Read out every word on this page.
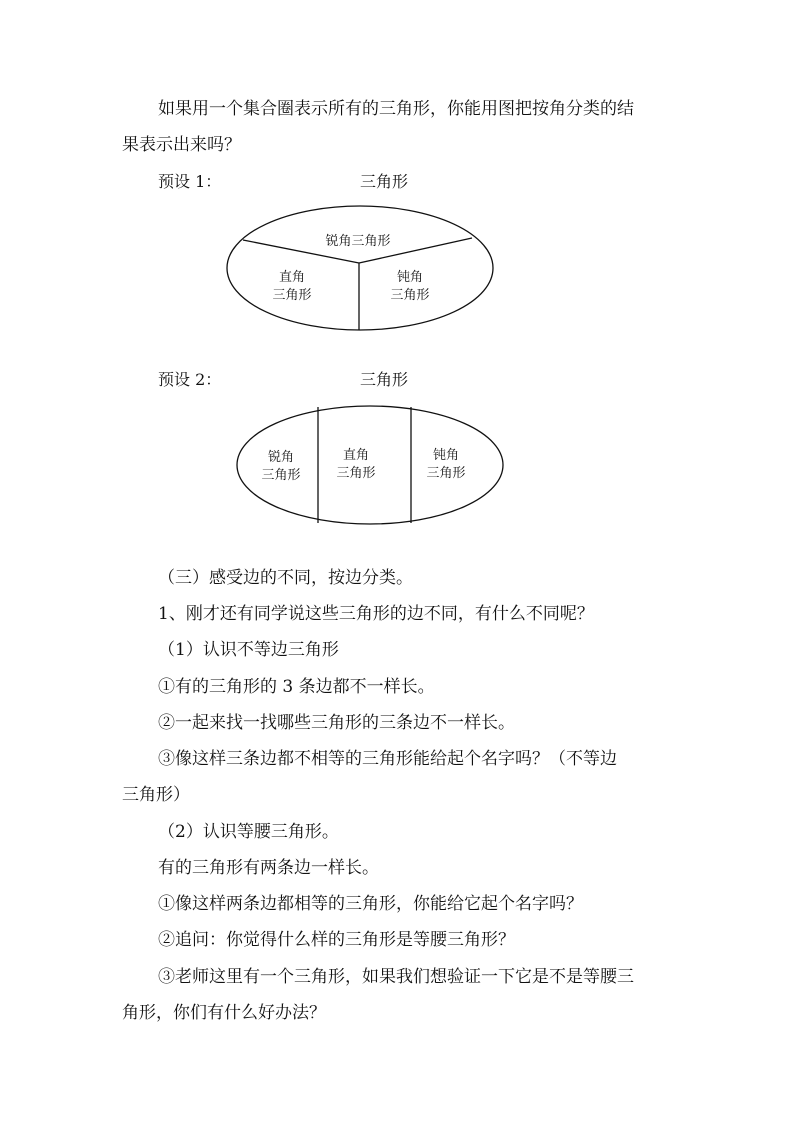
如果用一个集合圈表示所有的三角形，你能用图把按角分类的结
果表示出来吗？
预设 1：	三角形
锐角三角形
直角
三角形
钝角
三角形
预设 2：	三角形
锐角
三角形
直角
三角形
钝角
三角形
（三）感受边的不同，按边分类。
1、刚才还有同学说这些三角形的边不同，有什么不同呢？
（1）认识不等边三角形
①有的三角形的 3 条边都不一样长。
②一起来找一找哪些三角形的三条边不一样长。
③像这样三条边都不相等的三角形能给起个名字吗？（不等边
三角形）
（2）认识等腰三角形。
有的三角形有两条边一样长。
①像这样两条边都相等的三角形，你能给它起个名字吗？
②追问：你觉得什么样的三角形是等腰三角形？
③老师这里有一个三角形，如果我们想验证一下它是不是等腰三
角形，你们有什么好办法？
